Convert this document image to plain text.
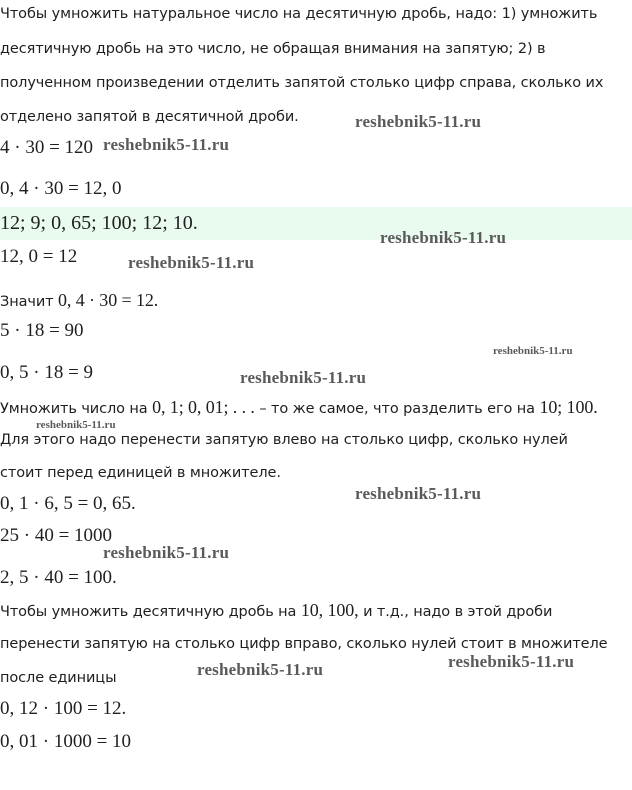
Чтобы умножить натуральное число на десятичную дробь, надо: 1) умножить
десятичную дробь на это число, не обращая внимания на запятую; 2) в
полученном произведении отделить запятой столько цифр справа, сколько их
отделено запятой в десятичной дроби.
4 · 30 = 120
0, 4 · 30 = 12, 0
12; 9; 0, 65; 100; 12; 10.
12, 0 = 12
Значит 0, 4 · 30 = 12.
5 · 18 = 90
0, 5 · 18 = 9
Умножить число на 0, 1; 0, 01; . . . – то же самое, что разделить его на 10; 100.
Для этого надо перенести запятую влево на столько цифр, сколько нулей
стоит перед единицей в множителе.
0, 1 · 6, 5 = 0, 65.
25 · 40 = 1000
2, 5 · 40 = 100.
Чтобы умножить десятичную дробь на 10, 100, и т.д., надо в этой дроби
перенести запятую на столько цифр вправо, сколько нулей стоит в множителе
после единицы
0, 12 · 100 = 12.
0, 01 · 1000 = 10
reshebnik5-11.ru
reshebnik5-11.ru
reshebnik5-11.ru
reshebnik5-11.ru
reshebnik5-11.ru
reshebnik5-11.ru
reshebnik5-11.ru
reshebnik5-11.ru
reshebnik5-11.ru
reshebnik5-11.ru
reshebnik5-11.ru
